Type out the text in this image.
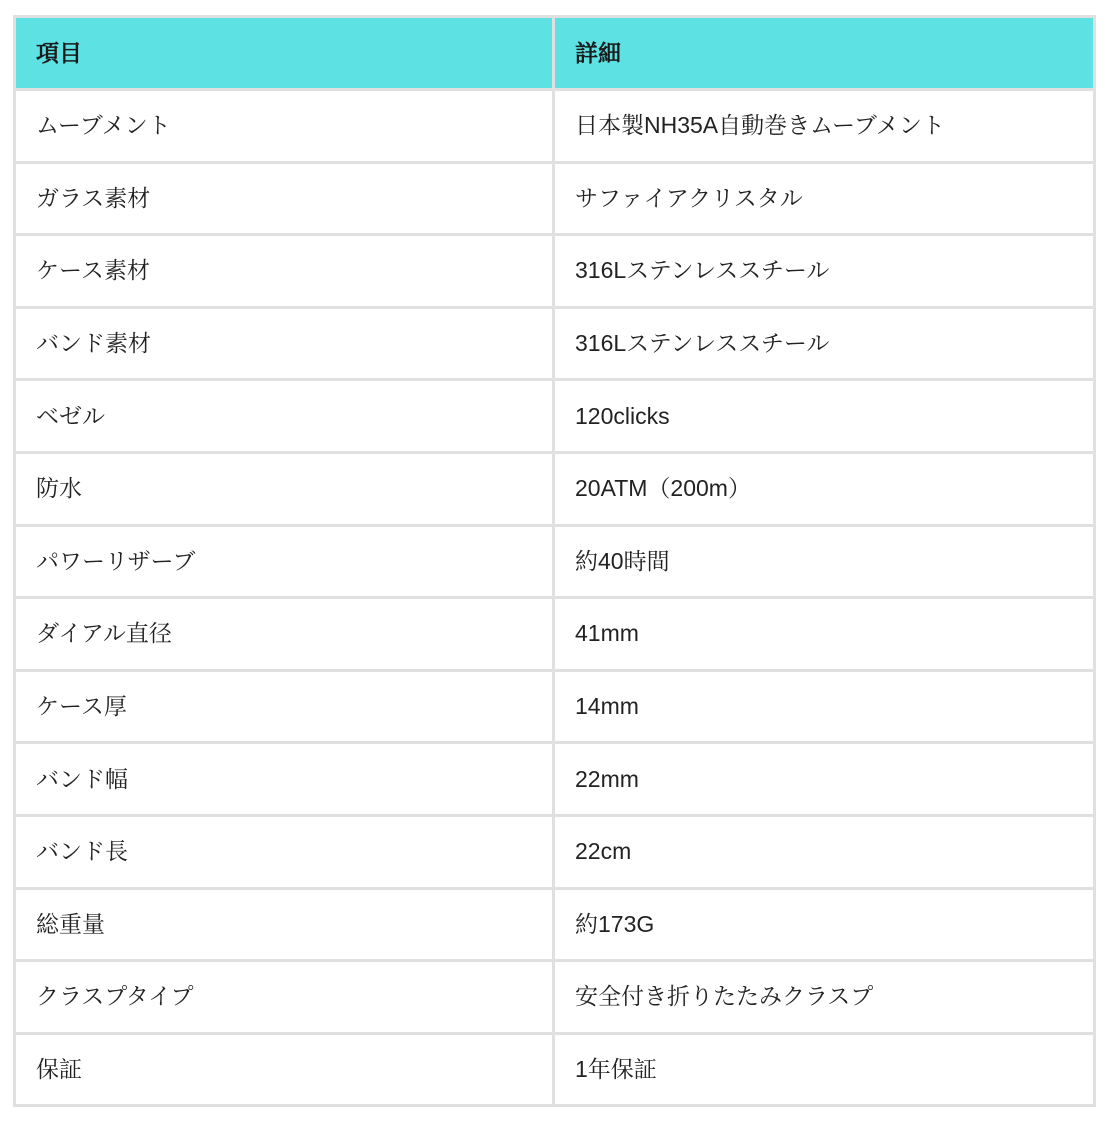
項目	詳細
ムーブメント	日本製NH35A自動巻きムーブメント
ガラス素材	サファイアクリスタル
ケース素材	316Lステンレススチール
バンド素材	316Lステンレススチール
ベゼル	120clicks
防水	20ATM（200m）
パワーリザーブ	約40時間
ダイアル直径	41mm
ケース厚	14mm
バンド幅	22mm
バンド長	22cm
総重量	約173G
クラスプタイプ	安全付き折りたたみクラスプ
保証	1年保証
